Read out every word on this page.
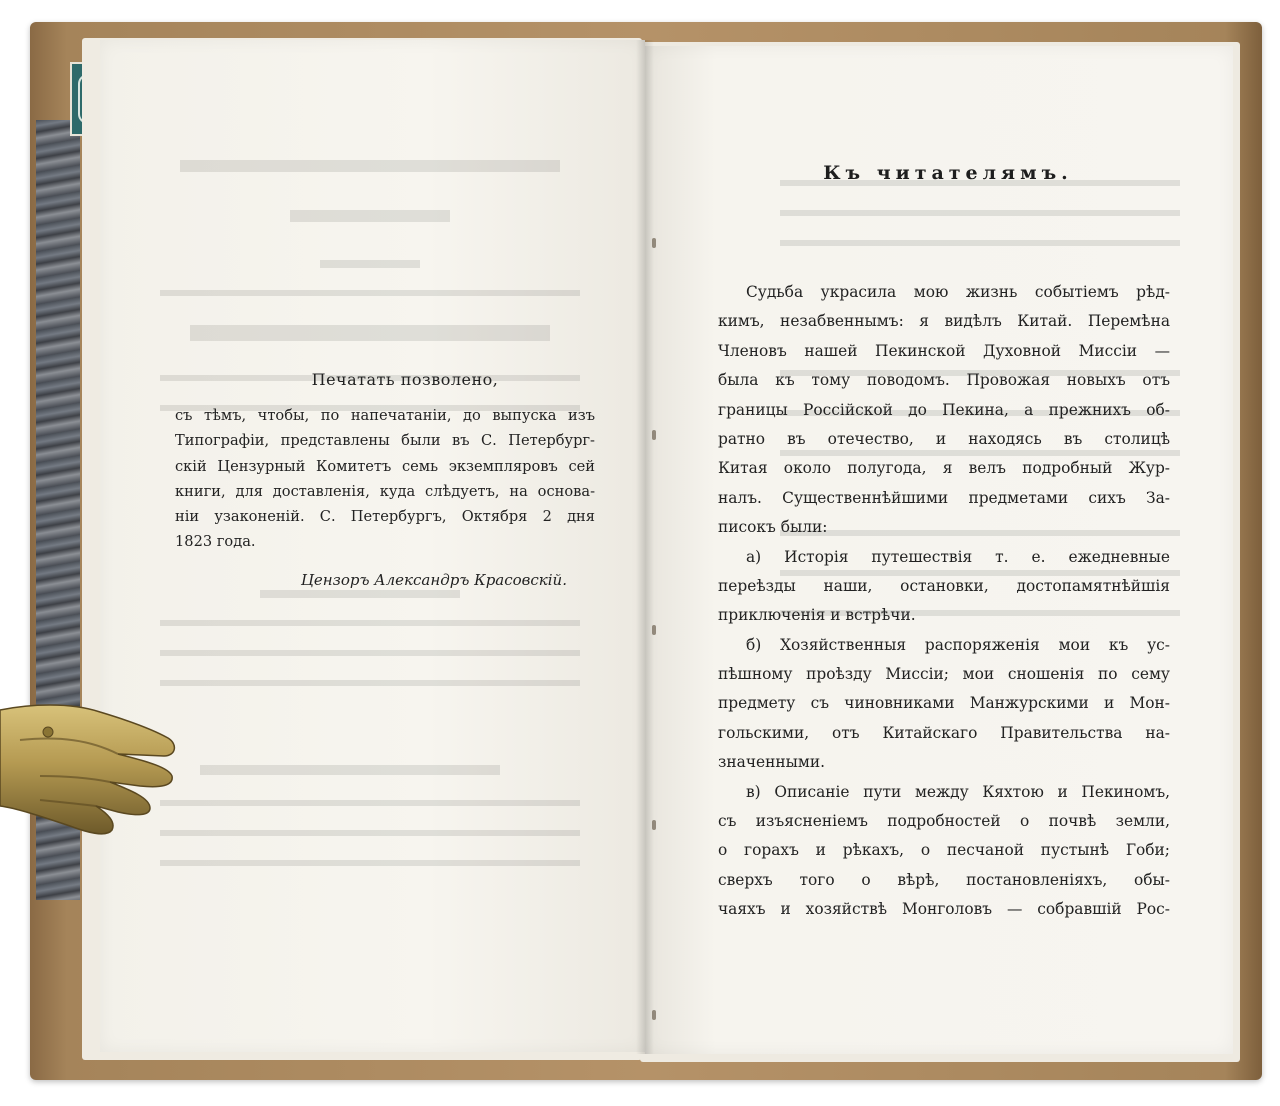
Печатать позволено,
съ тѣмъ, чтобы, по напечатаніи, до выпуска изъ
Типографіи, представлены были въ С. Петербург-
скій Цензурный Комитетъ семь экземпляровъ сей
книги, для доставленія, куда слѣдуетъ, на основа-
ніи узаконеній. С. Петербургъ, Октября 2 дня
1823 года.
Цензоръ Александръ Красовскій.
Къ читателямъ.
Судьба украсила мою жизнь событіемъ рѣд-
кимъ, незабвеннымъ: я видѣлъ Китай. Перемѣна
Членовъ нашей Пекинской Духовной Миссіи —
была къ тому поводомъ. Провожая новыхъ отъ
границы Россійской до Пекина, а прежнихъ об-
ратно въ отечество, и находясь въ столицѣ
Китая около полугода, я велъ подробный Жур-
налъ. Существеннѣйшими предметами сихъ За-
писокъ были:
а) Исторія путешествія т. е. ежедневные
переѣзды наши, остановки, достопамятнѣйшія
приключенія и встрѣчи.
б) Хозяйственныя распоряженія мои къ ус-
пѣшному проѣзду Миссіи; мои сношенія по сему
предмету съ чиновниками Манжурскими и Мон-
гольскими, отъ Китайскаго Правительства на-
значенными.
в) Описаніе пути между Кяхтою и Пекиномъ,
съ изъясненіемъ подробностей о почвѣ земли,
о горахъ и рѣкахъ, о песчаной пустынѣ Гоби;
сверхъ того о вѣрѣ, постановленіяхъ, обы-
чаяхъ и хозяйствѣ Монголовъ — собравшій Рос-
